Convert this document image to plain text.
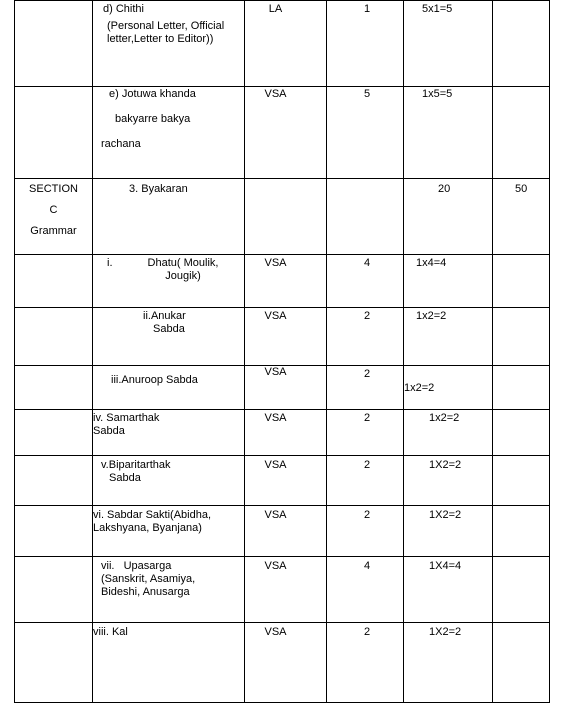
	d) Chithi
(Personal Letter, Official letter,Letter to Editor))	LA	1	5x1=5	

	e) Jotuwa khanda
bakyarre bakya
rachana	VSA	5	1x5=5	

SECTION
C
Grammar	3. Byakaran			20	50

	i. Dhatu( Moulik, Jougik)	VSA	4	1x4=4	

	ii.Anukar
Sabda	VSA	2	1x2=2	

	iii.Anuroop Sabda	VSA	2	1x2=2	

	iv. Samarthak
Sabda	VSA	2	1x2=2	

	v.Biparitarthak
Sabda	VSA	2	1X2=2	

	vi. Sabdar Sakti(Abidha, Lakshyana, Byanjana)	VSA	2	1X2=2	

	vii.   Upasarga
(Sanskrit, Asamiya,
Bideshi, Anusarga	VSA	4	1X4=4	

	viii. Kal	VSA	2	1X2=2	
